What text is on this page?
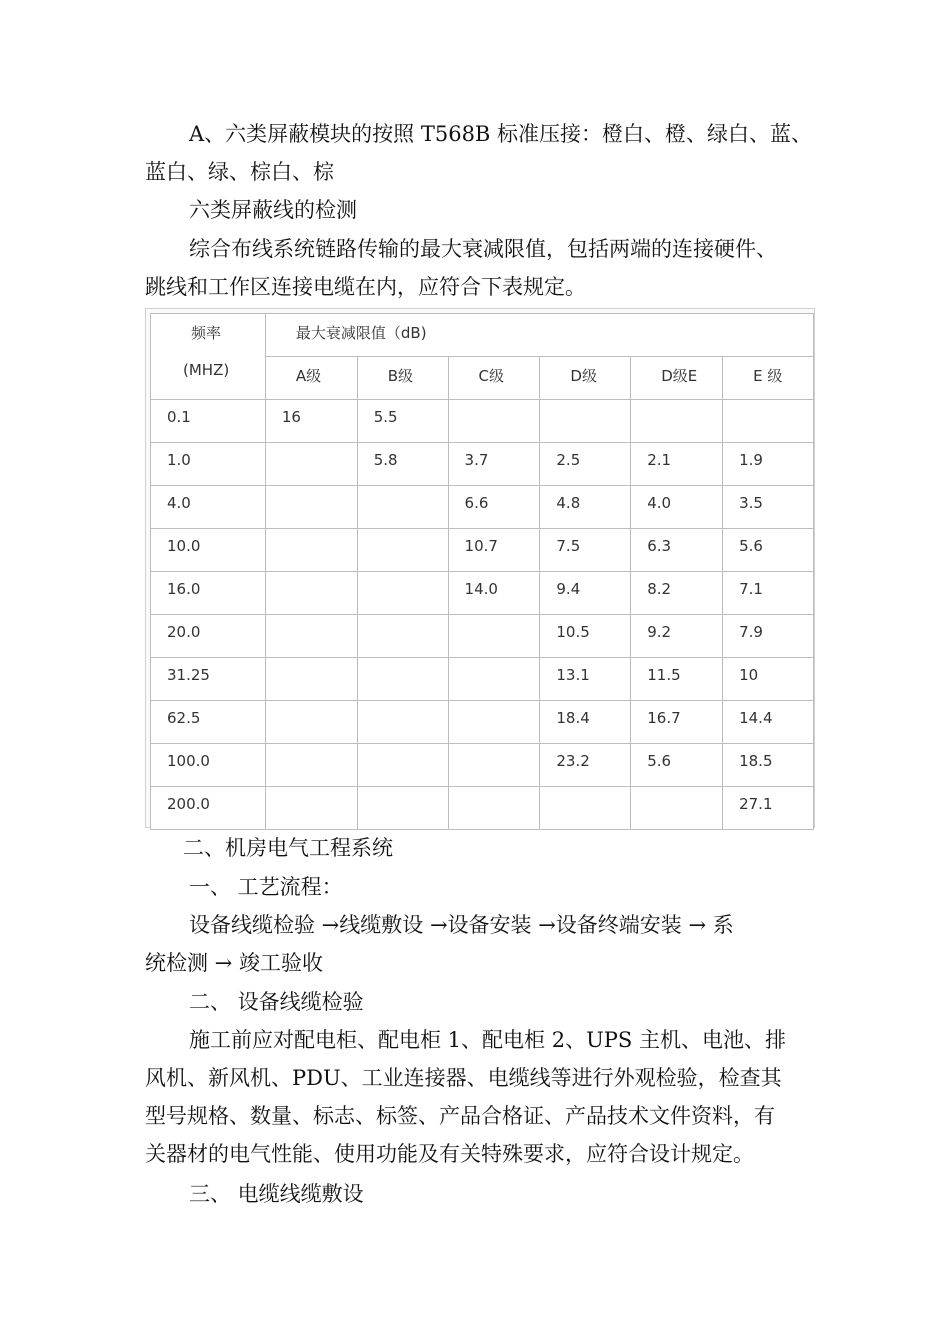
A、六类屏蔽模块的按照 T568B 标准压接：橙白、橙、绿白、蓝、
蓝白、绿、棕白、棕

六类屏蔽线的检测

综合布线系统链路传输的最大衰减限值，包括两端的连接硬件、
跳线和工作区连接电缆在内，应符合下表规定。

频率
(MHZ)	最大衰减限值（dB)					

	A级	B级	C级	D级	D级E	E 级

0.1	16	5.5				

1.0		5.8	3.7	2.5	2.1	1.9

4.0			6.6	4.8	4.0	3.5

10.0			10.7	7.5	6.3	5.6

16.0			14.0	9.4	8.2	7.1

20.0				10.5	9.2	7.9

31.25				13.1	11.5	10

62.5				18.4	16.7	14.4

100.0				23.2	5.6	18.5

200.0						27.1

二、机房电气工程系统

一、 工艺流程：

设备线缆检验 →线缆敷设 →设备安装 →设备终端安装 → 系
统检测 → 竣工验收

二、 设备线缆检验

施工前应对配电柜、配电柜 1、配电柜 2、UPS 主机、电池、排
风机、新风机、PDU、工业连接器、电缆线等进行外观检验，检查其
型号规格、数量、标志、标签、产品合格证、产品技术文件资料，有
关器材的电气性能、使用功能及有关特殊要求，应符合设计规定。

三、 电缆线缆敷设
